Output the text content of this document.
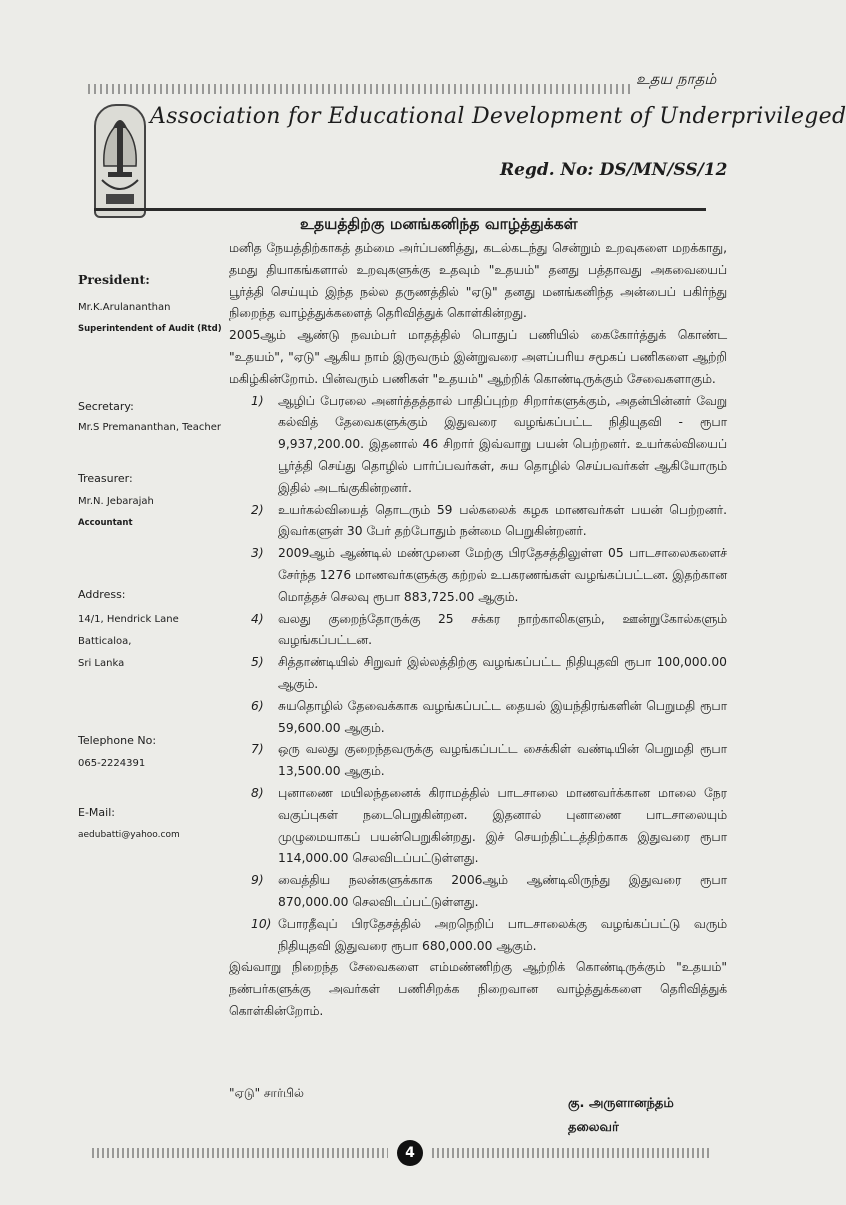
உதய நாதம்
Association for Educational Development of Underprivileged
Regd. No: DS/MN/SS/12
உதயத்திற்கு மனங்கனிந்த வாழ்த்துக்கள்
President:
Mr.K.Arulananthan
Superintendent of Audit (Rtd)
Secretary:
Mr.S Premananthan, Teacher
Treasurer:
Mr.N. Jebarajah
Accountant
Address:
14/1, Hendrick Lane
Batticaloa,
Sri Lanka
Telephone No:
065-2224391
E-Mail:
aedubatti@yahoo.com

மனித நேயத்திற்காகத் தம்மை அர்ப்பணித்து, கடல்கடந்து சென்றும் உறவுகளை மறக்காது, தமது தியாகங்களால் உறவுகளுக்கு உதவும் "உதயம்" தனது பத்தாவது அகவையைப் பூர்த்தி செய்யும் இந்த நல்ல தருணத்தில் "ஏடு" தனது மனங்கனிந்த அன்பைப் பகிர்ந்து நிறைந்த வாழ்த்துக்களைத் தெரிவித்துக் கொள்கின்றது.

2005ஆம் ஆண்டு நவம்பர் மாதத்தில் பொதுப் பணியில் கைகோர்த்துக் கொண்ட "உதயம்", "ஏடு" ஆகிய நாம் இருவரும் இன்றுவரை அளப்பரிய சமூகப் பணிகளை ஆற்றி மகிழ்கின்றோம். பின்வரும் பணிகள் "உதயம்" ஆற்றிக் கொண்டிருக்கும் சேவைகளாகும்.

1) ஆழிப் பேரலை அனர்த்தத்தால் பாதிப்புற்ற சிறார்களுக்கும், அதன்பின்னர் வேறு கல்வித் தேவைகளுக்கும் இதுவரை வழங்கப்பட்ட நிதியுதவி - ரூபா 9,937,200.00. இதனால் 46 சிறார் இவ்வாறு பயன் பெற்றனர். உயர்கல்வியைப் பூர்த்தி செய்து தொழில் பார்ப்பவர்கள், சுய தொழில் செய்பவர்கள் ஆகியோரும் இதில் அடங்குகின்றனர்.
2) உயர்கல்வியைத் தொடரும் 59 பல்கலைக் கழக மாணவர்கள் பயன் பெற்றனர். இவர்களுள் 30 பேர் தற்போதும் நன்மை பெறுகின்றனர்.
3) 2009ஆம் ஆண்டில் மண்முனை மேற்கு பிரதேசத்திலுள்ள 05 பாடசாலைகளைச் சேர்ந்த 1276 மாணவர்களுக்கு கற்றல் உபகரணங்கள் வழங்கப்பட்டன. இதற்கான மொத்தச் செலவு ரூபா 883,725.00 ஆகும்.
4) வலது குறைந்தோருக்கு 25 சக்கர நாற்காலிகளும், ஊன்றுகோல்களும் வழங்கப்பட்டன.
5) சித்தாண்டியில் சிறுவர் இல்லத்திற்கு வழங்கப்பட்ட நிதியுதவி ரூபா 100,000.00 ஆகும்.
6) சுயதொழில் தேவைக்காக வழங்கப்பட்ட தையல் இயந்திரங்களின் பெறுமதி ரூபா 59,600.00 ஆகும்.
7) ஒரு வலது குறைந்தவருக்கு வழங்கப்பட்ட சைக்கிள் வண்டியின் பெறுமதி ரூபா 13,500.00 ஆகும்.
8) புனாணை மயிலந்தனைக் கிராமத்தில் பாடசாலை மாணவர்க்கான மாலை நேர வகுப்புகள் நடைபெறுகின்றன. இதனால் புனாணை பாடசாலையும் முழுமையாகப் பயன்பெறுகின்றது. இச் செயற்திட்டத்திற்காக இதுவரை ரூபா 114,000.00 செலவிடப்பட்டுள்ளது.
9) வைத்திய நலன்களுக்காக 2006ஆம் ஆண்டிலிருந்து இதுவரை ரூபா 870,000.00 செலவிடப்பட்டுள்ளது.
10) போரதீவுப் பிரதேசத்தில் அறநெறிப் பாடசாலைக்கு வழங்கப்பட்டு வரும் நிதியுதவி இதுவரை ரூபா 680,000.00 ஆகும்.

இவ்வாறு நிறைந்த சேவைகளை எம்மண்ணிற்கு ஆற்றிக் கொண்டிருக்கும் "உதயம்" நண்பர்களுக்கு அவர்கள் பணிசிறக்க நிறைவான வாழ்த்துக்களை தெரிவித்துக் கொள்கின்றோம்.

"ஏடு" சார்பில்
கு. அருளானந்தம்
தலைவர்
4
